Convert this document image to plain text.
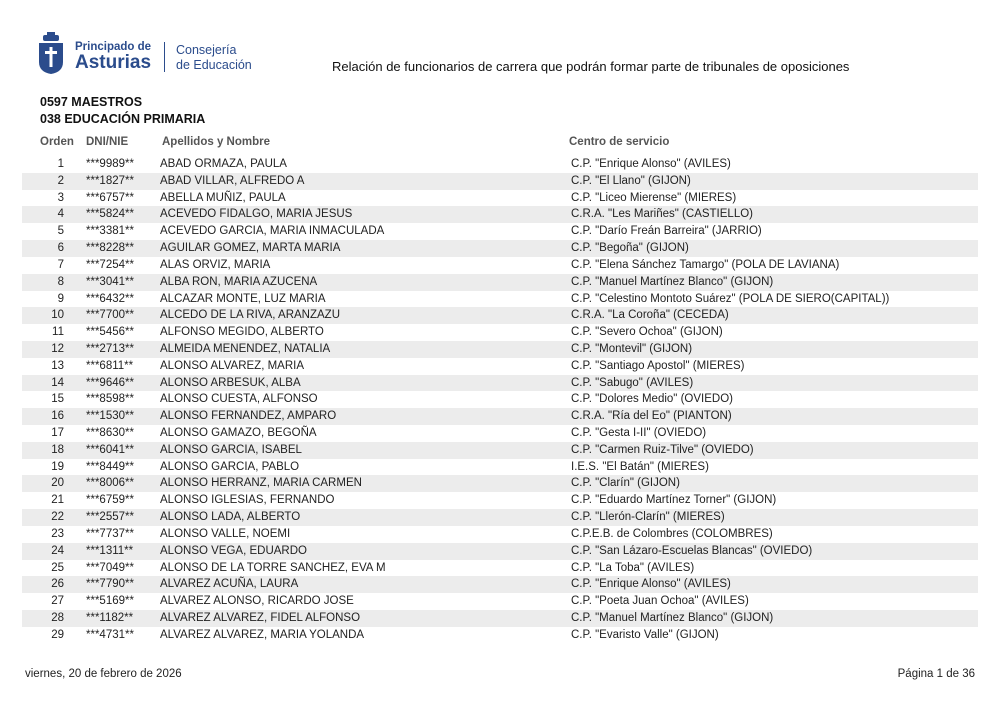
Principado de
Asturias
Consejería
de Educación	Relación de funcionarios de carrera que podrán formar parte de tribunales de oposiciones
0597 MAESTROS
038 EDUCACIÓN PRIMARIA
Orden DNI/NIE	Apellidos y Nombre	Centro de servicio
1 ***9989** ABAD ORMAZA, PAULA	C.P. "Enrique Alonso" (AVILES)
2 ***1827** ABAD VILLAR, ALFREDO A	C.P. "El Llano" (GIJON)
3 ***6757** ABELLA MUÑIZ, PAULA	C.P. "Liceo Mierense" (MIERES)
4 ***5824** ACEVEDO FIDALGO, MARIA JESUS	C.R.A. "Les Mariñes" (CASTIELLO)
5 ***3381** ACEVEDO GARCIA, MARIA INMACULADA	C.P. "Darío Freán Barreira" (JARRIO)
6 ***8228** AGUILAR GOMEZ, MARTA MARIA	C.P. "Begoña" (GIJON)
7 ***7254** ALAS ORVIZ, MARIA	C.P. "Elena Sánchez Tamargo" (POLA DE LAVIANA)
8 ***3041** ALBA RON, MARIA AZUCENA	C.P. "Manuel Martínez Blanco" (GIJON)
9 ***6432** ALCAZAR MONTE, LUZ MARIA	C.P. "Celestino Montoto Suárez" (POLA DE SIERO(CAPITAL))
10 ***7700** ALCEDO DE LA RIVA, ARANZAZU	C.R.A. "La Coroña" (CECEDA)
11 ***5456** ALFONSO MEGIDO, ALBERTO	C.P. "Severo Ochoa" (GIJON)
12 ***2713** ALMEIDA MENENDEZ, NATALIA	C.P. "Montevil" (GIJON)
13 ***6811** ALONSO ALVAREZ, MARIA	C.P. "Santiago Apostol" (MIERES)
14 ***9646** ALONSO ARBESUK, ALBA	C.P. "Sabugo" (AVILES)
15 ***8598** ALONSO CUESTA, ALFONSO	C.P. "Dolores Medio" (OVIEDO)
16 ***1530** ALONSO FERNANDEZ, AMPARO	C.R.A. "Ría del Eo" (PIANTON)
17 ***8630** ALONSO GAMAZO, BEGOÑA	C.P. "Gesta I-II" (OVIEDO)
18 ***6041** ALONSO GARCIA, ISABEL	C.P. "Carmen Ruiz-Tilve" (OVIEDO)
19 ***8449** ALONSO GARCIA, PABLO	I.E.S. "El Batán" (MIERES)
20 ***8006** ALONSO HERRANZ, MARIA CARMEN	C.P. "Clarín" (GIJON)
21 ***6759** ALONSO IGLESIAS, FERNANDO	C.P. "Eduardo Martínez Torner" (GIJON)
22 ***2557** ALONSO LADA, ALBERTO	C.P. "Llerón-Clarín" (MIERES)
23 ***7737** ALONSO VALLE, NOEMI	C.P.E.B. de Colombres (COLOMBRES)
24 ***1311** ALONSO VEGA, EDUARDO	C.P. "San Lázaro-Escuelas Blancas" (OVIEDO)
25 ***7049** ALONSO DE LA TORRE SANCHEZ, EVA M	C.P. "La Toba" (AVILES)
26 ***7790** ALVAREZ ACUÑA, LAURA	C.P. "Enrique Alonso" (AVILES)
27 ***5169** ALVAREZ ALONSO, RICARDO JOSE	C.P. "Poeta Juan Ochoa" (AVILES)
28 ***1182** ALVAREZ ALVAREZ, FIDEL ALFONSO	C.P. "Manuel Martínez Blanco" (GIJON)
29 ***4731** ALVAREZ ALVAREZ, MARIA YOLANDA	C.P. "Evaristo Valle" (GIJON)
viernes, 20 de febrero de 2026	Página 1 de 36
